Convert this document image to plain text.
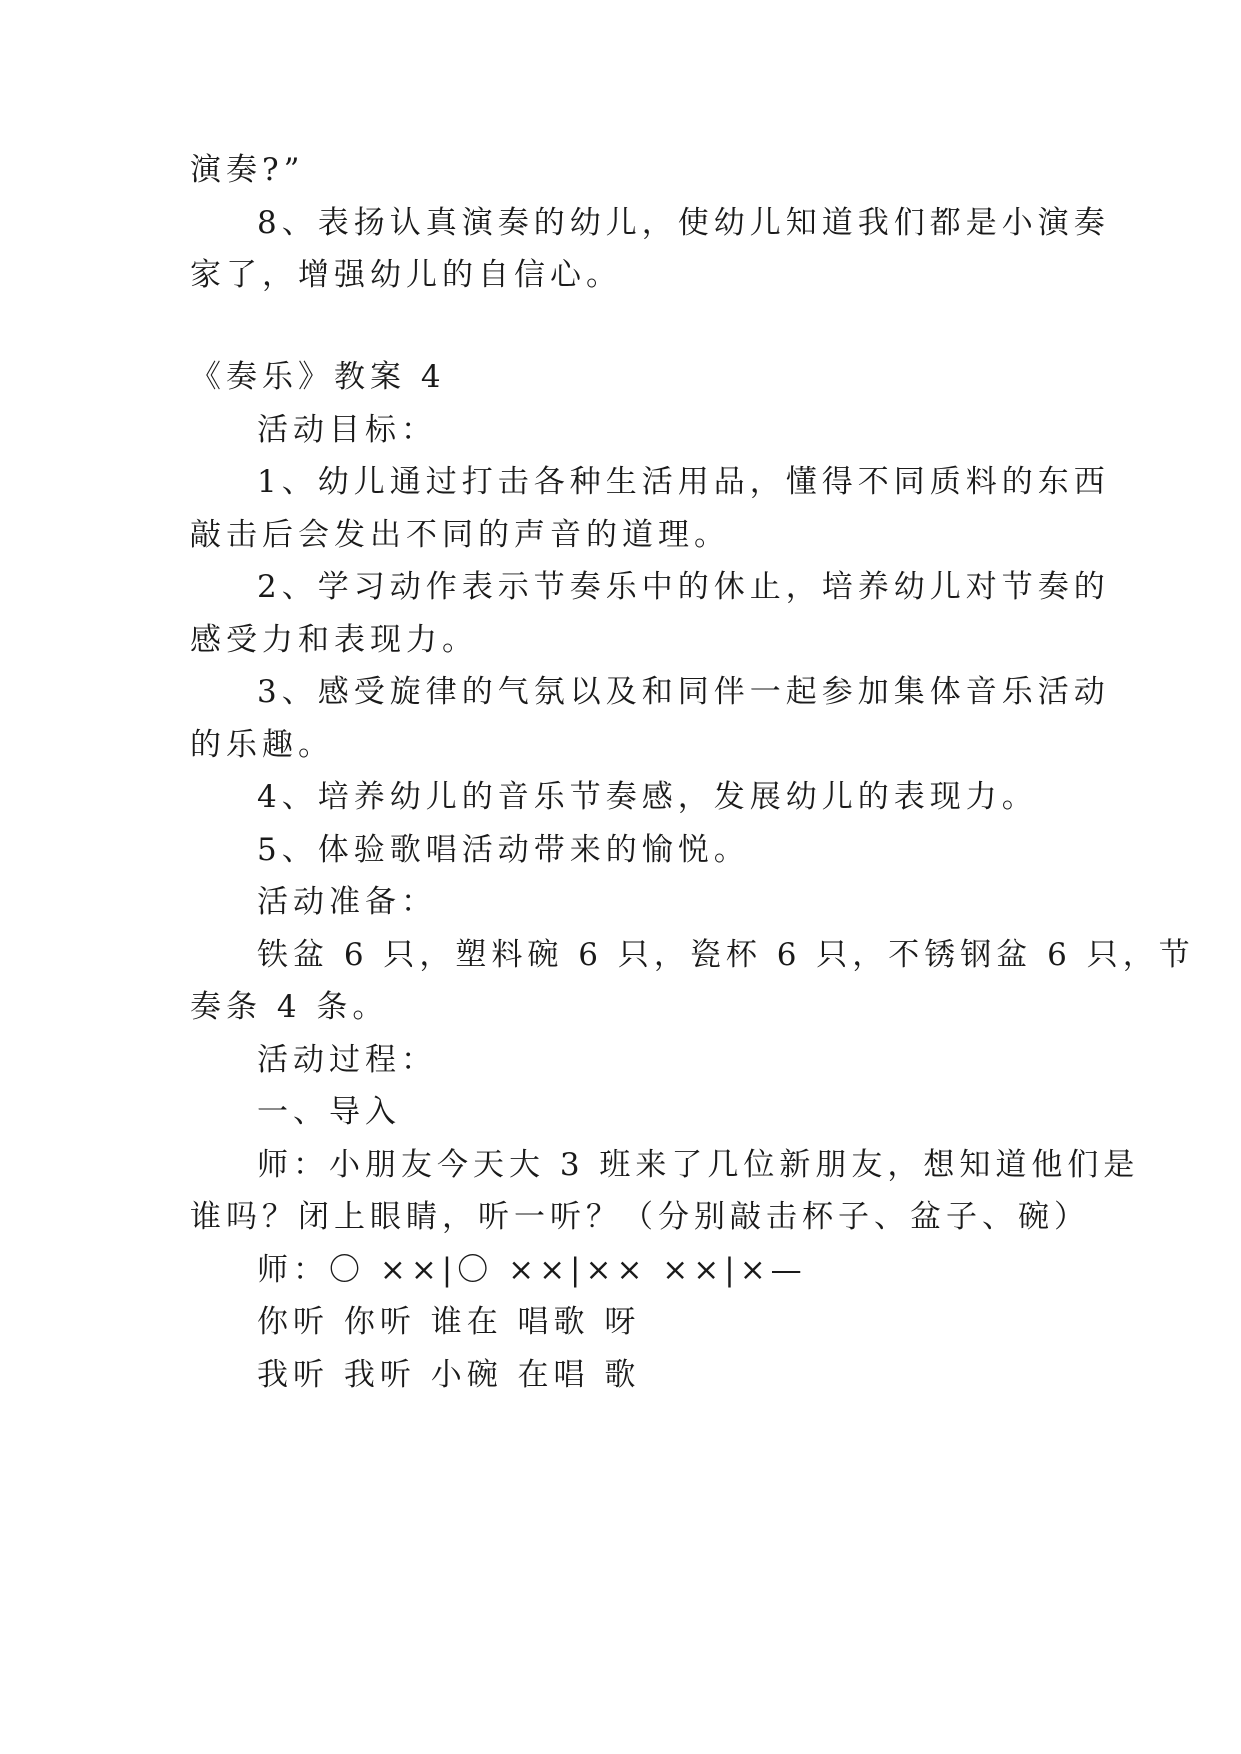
演奏?”
8、表扬认真演奏的幼儿，使幼儿知道我们都是小演奏
家了，增强幼儿的自信心。
《奏乐》教案 4
活动目标：
1、幼儿通过打击各种生活用品，懂得不同质料的东西
敲击后会发出不同的声音的道理。
2、学习动作表示节奏乐中的休止，培养幼儿对节奏的
感受力和表现力。
3、感受旋律的气氛以及和同伴一起参加集体音乐活动
的乐趣。
4、培养幼儿的音乐节奏感，发展幼儿的表现力。
5、体验歌唱活动带来的愉悦。
活动准备：
铁盆 6 只，塑料碗 6 只，瓷杯 6 只，不锈钢盆 6 只，节
奏条 4 条。
活动过程：
一、导入
师：小朋友今天大 3 班来了几位新朋友，想知道他们是
谁吗？闭上眼睛，听一听？（分别敲击杯子、盆子、碗）
师：〇 ××|〇 ××|×× ××|×—
你听 你听 谁在 唱歌 呀
我听 我听 小碗 在唱 歌
